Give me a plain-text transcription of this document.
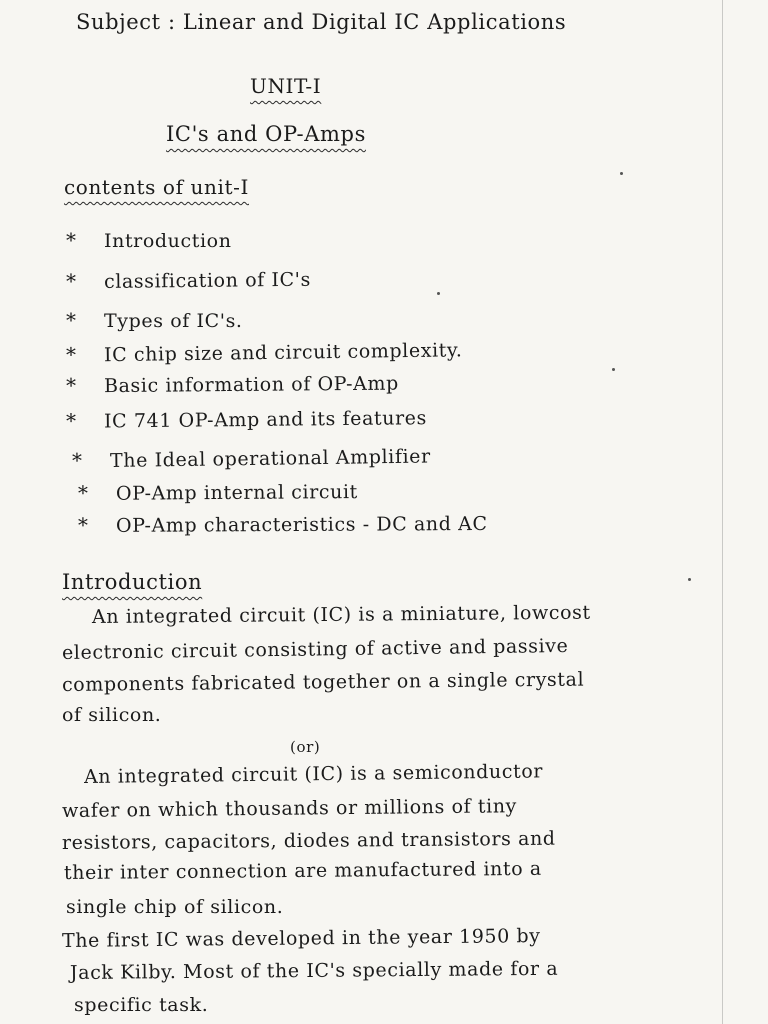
Subject : Linear and Digital IC Applications
UNIT-I
IC's and OP-Amps
contents of unit-I
* Introduction
* classification of IC's
* Types of IC's.
* IC chip size and circuit complexity.
* Basic information of OP-Amp
* IC 741 OP-Amp and its features
* The Ideal operational Amplifier
* OP-Amp internal circuit
* OP-Amp characteristics - DC and AC
Introduction
An integrated circuit (IC) is a miniature, lowcost
electronic circuit consisting of active and passive
components fabricated together on a single crystal
of silicon.
(or)
An integrated circuit (IC) is a semiconductor
wafer on which thousands or millions of tiny
resistors, capacitors, diodes and transistors and
their inter connection are manufactured into a
single chip of silicon.
The first IC was developed in the year 1950 by
Jack Kilby. Most of the IC's specially made for a
specific task.
